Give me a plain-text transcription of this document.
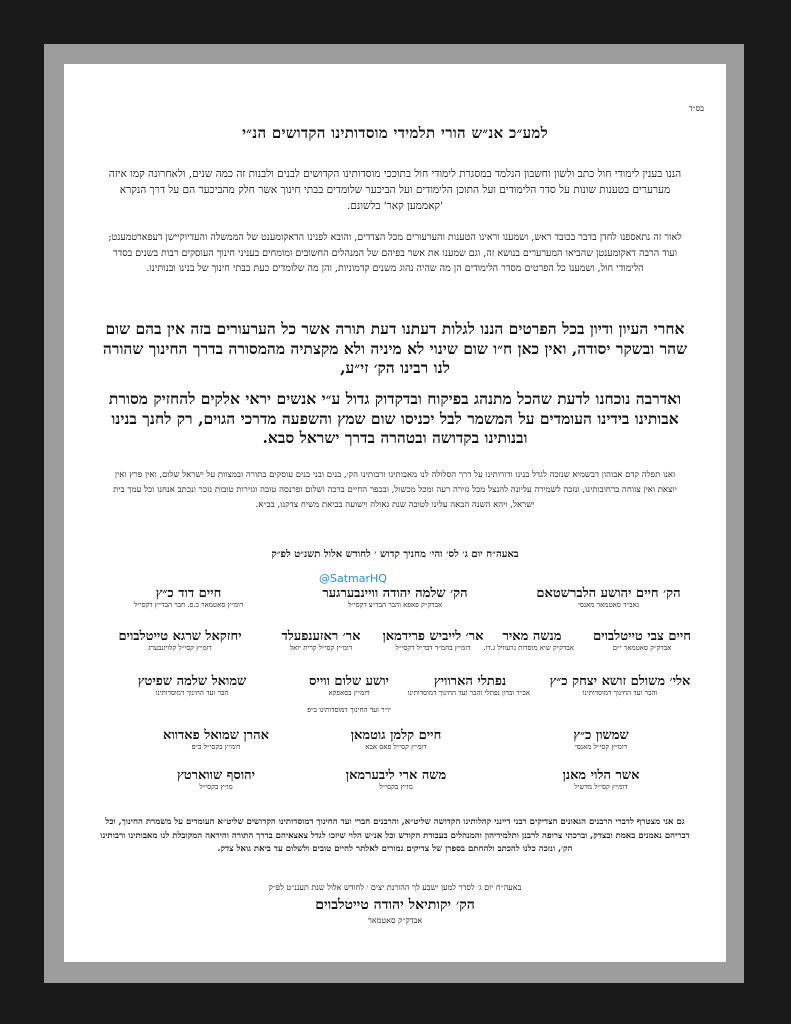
בס״ד
למע״כ אנ״ש הורי תלמידי מוסדותינו הקדושים הנ״י
הננו בענין לימודי חול כתב ולשון וחשבון הנלמד במסגרת לימודי חול בתוככי מוסדותינו הקדושים לבנים ולבנות זה כמה שנים, ולאחרונה קמו איזה מערערים בטענות שונות על סדר הלימודים ועל התוכן הלימודים ועל הביכער שלומדים בבתי חינוך אשר חלק מהביכער הם על דרך הנקרא 'קאממען קאר' בלשונם.
לאור זה נתאספנו לחדן בדבר בכובד ראש, ושמענו וראינו הטענות והערעורים מכל הצדדים, והובא לפנינו הדאקומענט של הממשלה והעדיוקיישן דעפארטמענט; ועוד הרבה דאקומענטן שהביאו המערערים בנושא זה, וגם שמענו את אשר בפיהם של המנהלים החשובים ומומחים בעניני חינוך העוסקים רבות בשנים בסדר הלימודי חול, ושמענו כל הפרטים מסדר הלימודים הן מה שהיה נהוג משנים קדמוניות, והן מה שלומדים כעת בבתי חינוך של בנינו ובנותינו.
אחרי העיון ודיון בכל הפרטים הננו לגלות דעתנו דעת תורה אשר כל הערעורים בזה אין בהם שום שהר ובשקר יסודה, ואין כאן ח״ו שום שינוי לא מיניה ולא מקצתיה מהמסורה בדרך החינוך שהורה לנו רבינו הק׳ זי״ע,
ואדרבה נוכחנו לדעת שהכל מתנהג בפיקוח ובדקדוק גדול ע״י אנשים יראי אלקים להחזיק מסורת אבותינו בידינו העומדים על המשמר לבל יכניסו שום שמץ והשפעה מדרכי הגוים, רק לחנך בנינו ובנותינו בקדושה ובטהרה בדרך ישראל סבא.
ואנו תפלה קדם אבוהון דבשמיא שנזכה לגדל בנינו ודורותינו על דרך הסלולה לנו מאבותינו ורבותינו הק׳, בנים ובני בנים עוסקים בתורה ובמצוות על ישראל שלום, ואין פרץ ואין יוצאת ואין צווחה ברחובותינו, ונזכה לשמירה עליונה להנצל מכל גזירה רעה ומכל מכשול, ובכפר החיים ברכה ושלום ופרנסה טובה וגזירות טובות נזכר ונכתב אנחנו וכל עמך בית ישראל, ויהא השנה הבאה עלינו לטובה שנת גאולה וישועה בביאת משיח צדקנו, בב״א.
באעה״ח יום ג׳ לס׳ והי׳ מחניך קדוש ׳ לחודש אלול תשנ״ט לפ״ק
@SatmarHQ
הק׳ חיים יהושע הלברשטאם
גאב״ד סאטמאר מאנסי
הק׳ שלמה יהודה וויינבערגער
אבדק״ק פאפא והבר הבד״צ דקסי״ל
חיים דוד כ״ץ
דומ״ץ סאטמאר כ.פ. חבר הבד״ץ דקסי״ל
חיים צבי טייטלבוים
אבדק״ק סאטמאר י״ם
מנשה מאיר
אבדק״ק שיא מוסדות גרעוויל ג.דו.
אר׳ לייביש פרידמאן
דומ״ץ בחמ״ד דבד״ל דקסי״ל
אר׳ ראזענפעלד
דומ״ץ קסי״ל קרית יואל
יחזקאל שרגא טייטלבוים
דומ״ץ קסי״ל קלויזנבערג
אלי׳ משולם זושא יצחק כ״ץ
והבר ועד החינוך דמוסדותינו
נפתלי הארוויץ
אב״ד ובדון נפתלי והבר ועד החינוך דמוסדותינו
יושע שלום ווייס
דומ״ץ בסאפקא
שמואל שלמה שפיטץ
הבר ועד החינוך דמוסדותינו
יו״ר ועד החינוך דמוסדותינו ב״פ
שמשון כ״ץ
דומ״ץ קסי״ל מאנסי
חיים קלמן גוטמאן
דומ״ץ קסי״ל פאס אבא
אהרן שמואל פאדווא
דומ״ץ בקסי״ל ב״פ
אשר הלוי מאנן
דומ״ץ קסי״ל מדשיל
משה ארי ליבערמאן
מו״ץ בקסי״ל
יהוסף שווארטץ
מו״ץ בקסי״ל
גם אני מצטרף לדברי הרבנים הגאונים הצדיקים רבני דיינני קהלותינו הקדושה שליט״א, והרבנים חברי ועד החינוך דמוסדותינו הקדושים שליט״א העומדים על משמרת החינוך, וכל דבריהם נאמנים באמת ובצדק, וברכתי צרופה לרבנן ותלמידיהון והמנהלים בעבודת הקודש וכל אנ״ש הלוי שיזכו לגדל צאצאיהם בדרך התורה והיראה המקובלת לנו מאבותינו ורבותינו הק׳, ונזכה כלנו להכתב ולהחתם בספרן של צדיקים גמורים לאלתר לחיים טובים ולשלום עד ביאת גואל צדק.
באעה״ח יום ג׳ לסדר למען ישבע לך ההורנת יצים ׳ לחודש אלול שנת תעננ״ט לפ״ק
הק׳ יקותיאל יהודה טייטלבוים
אבדק״ק סאטמאר
